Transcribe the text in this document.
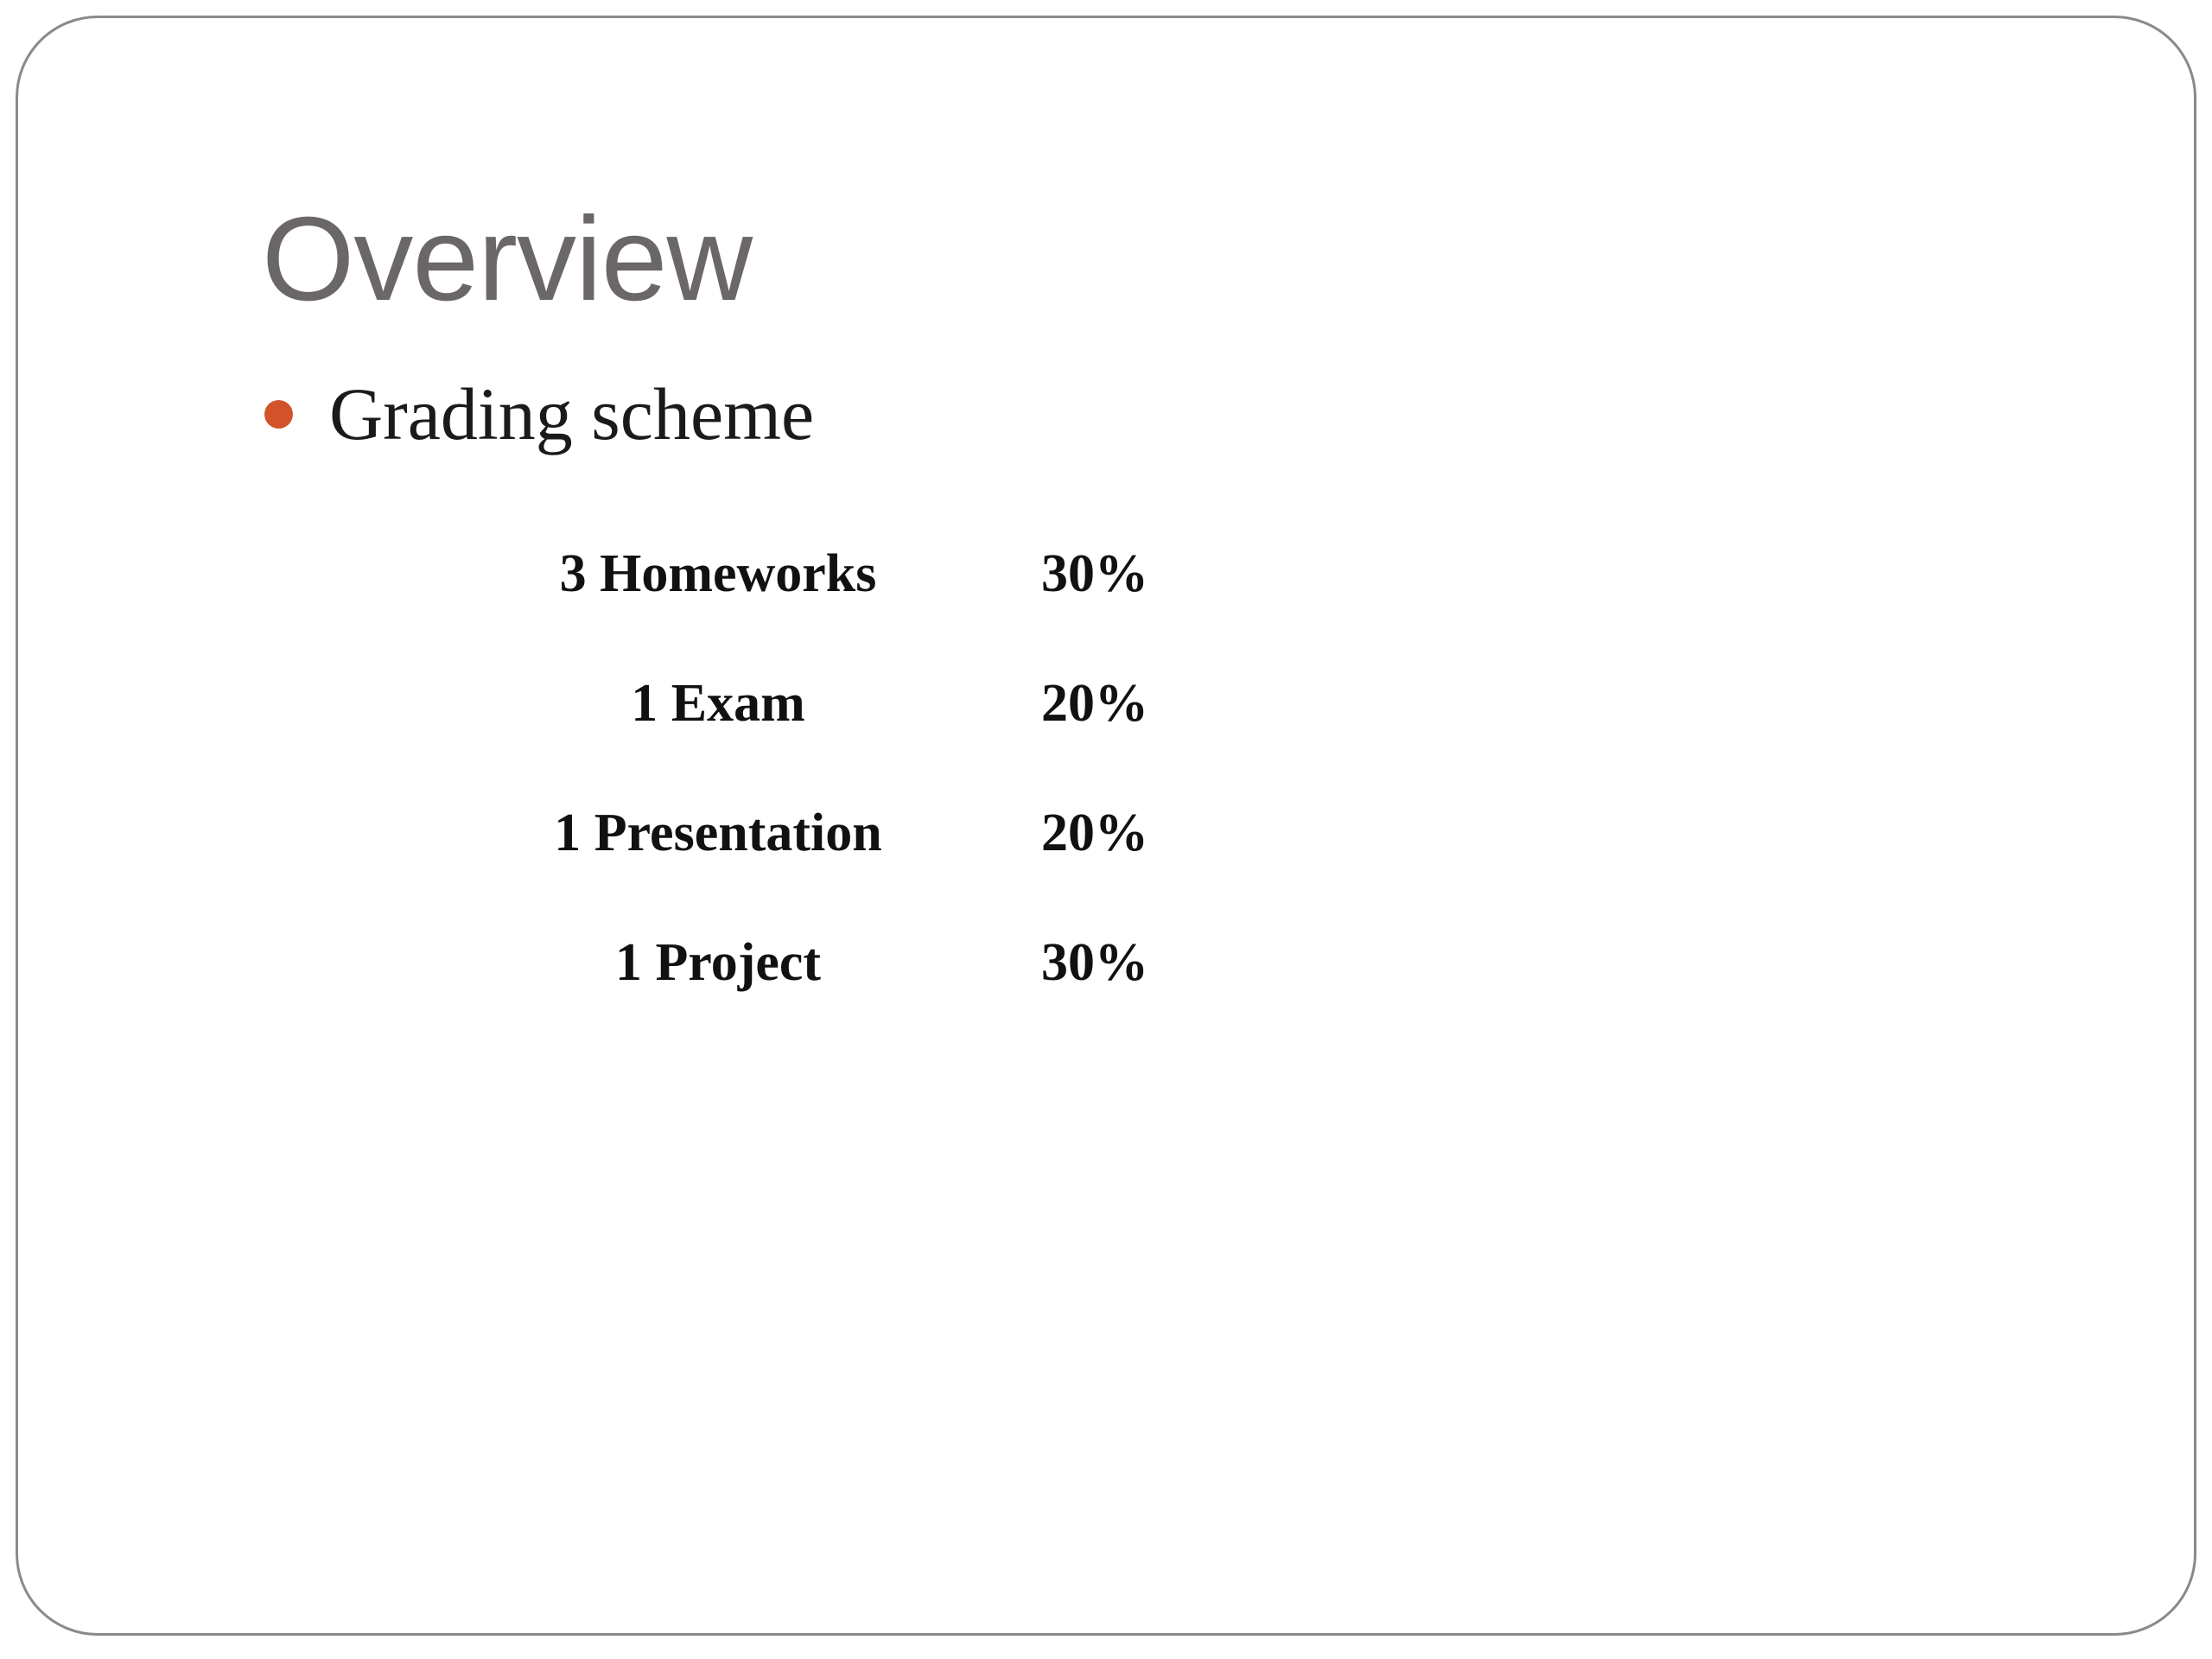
Overview
Grading scheme
3 Homeworks	30%
1 Exam	20%
1 Presentation	20%
1 Project	30%
